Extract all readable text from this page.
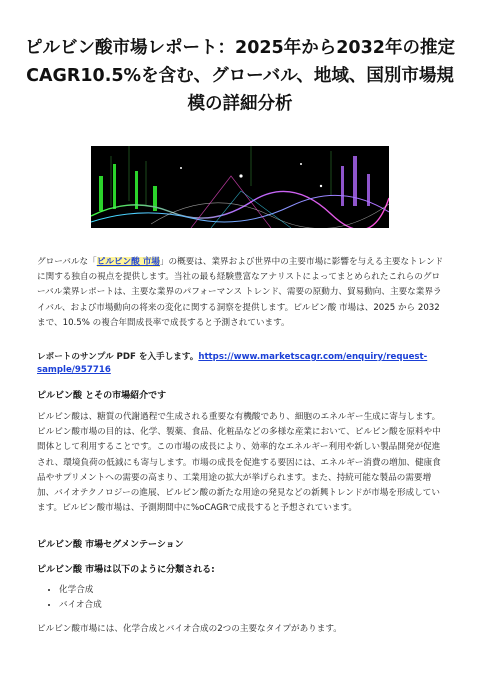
ピルビン酸市場レポート：2025年から2032年の推定CAGR10.5%を含む、グローバル、地域、国別市場規模の詳細分析

グローバルな「ピルビン酸 市場」の概要は、業界および世界中の主要市場に影響を与える主要なトレンドに関する独自の視点を提供します。当社の最も経験豊富なアナリストによってまとめられたこれらのグローバル業界レポートは、主要な業界のパフォーマンス トレンド、需要の原動力、貿易動向、主要な業界ライバル、および市場動向の将来の変化に関する洞察を提供します。ピルビン酸 市場は、2025 から 2032 まで、10.5% の複合年間成長率で成長すると予測されています。

レポートのサンプル PDF を入手します。https://www.marketscagr.com/enquiry/request-sample/957716

ピルビン酸 とその市場紹介です

ピルビン酸は、糖質の代謝過程で生成される重要な有機酸であり、細胞のエネルギー生成に寄与します。ピルビン酸市場の目的は、化学、製薬、食品、化粧品などの多様な産業において、ピルビン酸を原料や中間体として利用することです。この市場の成長により、効率的なエネルギー利用や新しい製品開発が促進され、環境負荷の低減にも寄与します。市場の成長を促進する要因には、エネルギー消費の増加、健康食品やサプリメントへの需要の高まり、工業用途の拡大が挙げられます。また、持続可能な製品の需要増加、バイオテクノロジーの進展、ピルビン酸の新たな用途の発見などの新興トレンドが市場を形成しています。ピルビン酸市場は、予測期間中に%oCAGRで成長すると予想されています。

ピルビン酸 市場セグメンテーション

ピルビン酸 市場は以下のように分類される:

• 化学合成
• バイオ合成

ピルビン酸市場には、化学合成とバイオ合成の2つの主要なタイプがあります。
